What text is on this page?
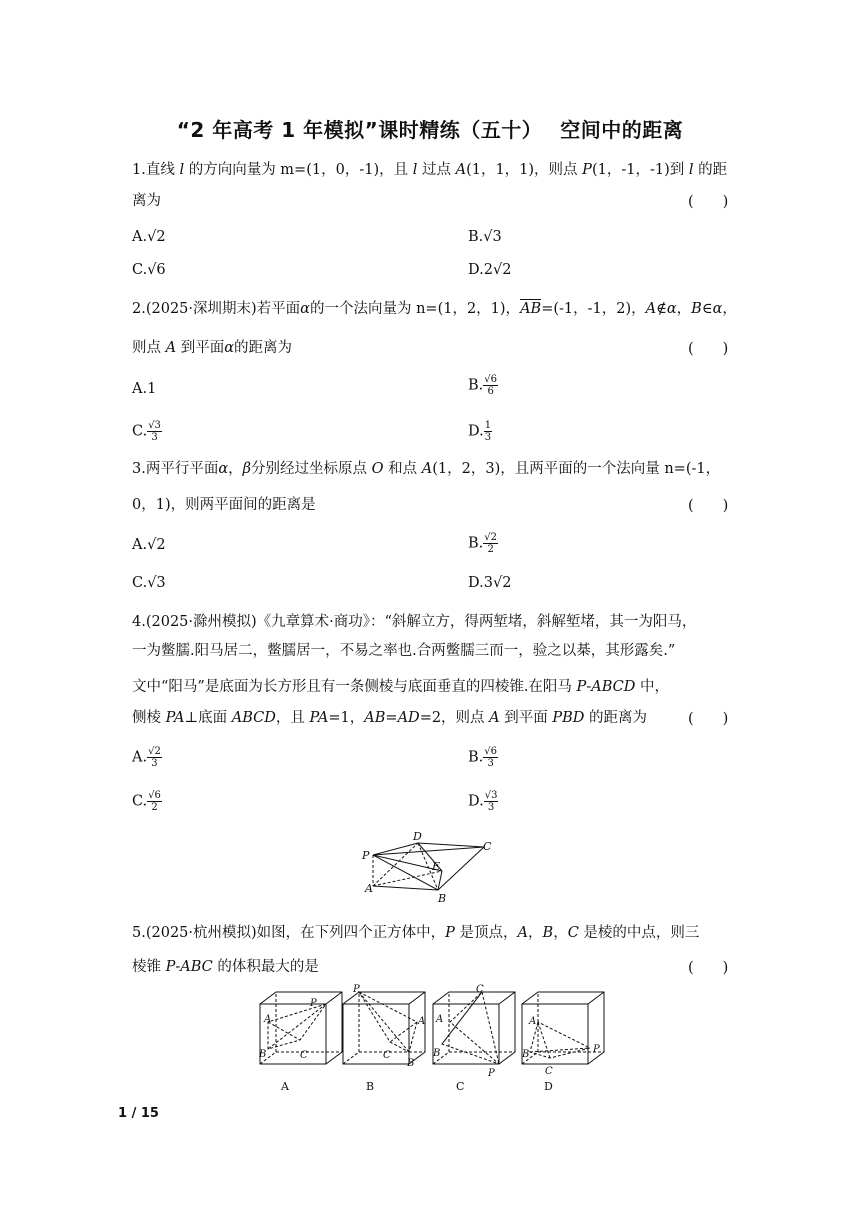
“2 年高考 1 年模拟”课时精练（五十）　 空间中的距离
1.直线 l 的方向向量为 m=(1，0，-1)，且 l 过点 A(1，1，1)，则点 P(1，-1，-1)到 l 的距
离为	(　　)
A.√2	B.√3
C.√6	D.2√2
2.(2025·深圳期末)若平面α的一个法向量为 n=(1，2，1)，AB=(-1，-1，2)，A∉α，B∈α，
则点 A 到平面α的距离为	(　　)
A.1	B. $\frac{√6}{6}$
C. $\frac{√3}{3}$	D. $\frac{1}{3}$
3.两平行平面α，β分别经过坐标原点 O 和点 A(1，2，3)，且两平面的一个法向量 n=(-1，
0，1)，则两平面间的距离是	(　　)
A.√2	B. $\frac{√2}{2}$
C.√3	D.3√2
4.(2025·滁州模拟)《九章算术·商功》：“斜解立方，得两堑堵，斜解堑堵，其一为阳马，
一为鳖臑.阳马居二，鳖臑居一，不易之率也.合两鳖臑三而一，验之以棊，其形露矣.”
文中“阳马”是底面为长方形且有一条侧棱与底面垂直的四棱锥.在阳马 P-ABCD 中，
侧棱 PA⊥底面 ABCD，且 PA=1，AB=AD=2，则点 A 到平面 PBD 的距离为	(　　)
A. $\frac{√2}{3}$	B. $\frac{√6}{3}$
C. $\frac{√6}{2}$	D. $\frac{√3}{3}$
D
C
P
E
A
B
5.(2025·杭州模拟)如图，在下列四个正方体中，P 是顶点，A，B，C 是棱的中点，则三
棱锥 P-ABC 的体积最大的是	(　　)
P
A
B	C
P
A
B
C
C
A
B
P
A
B
C
P
A	B	C	D
1 / 15
